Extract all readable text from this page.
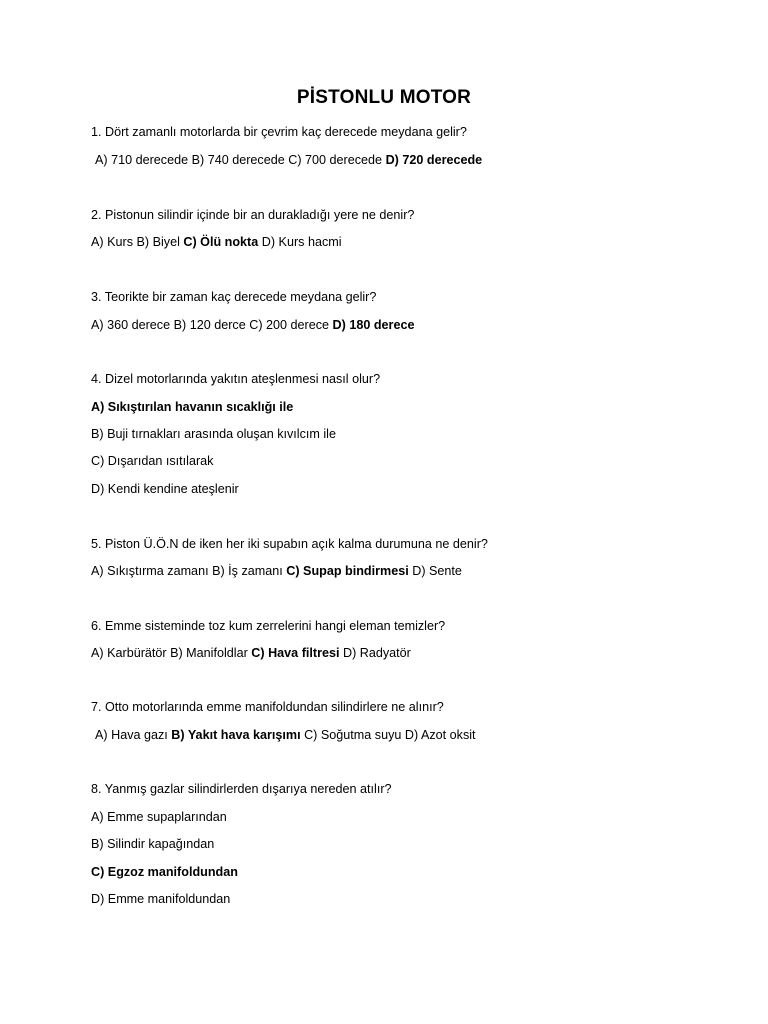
PİSTONLU MOTOR
1. Dört zamanlı motorlarda bir çevrim kaç derecede meydana gelir?
A) 710 derecede B) 740 derecede C) 700 derecede D) 720 derecede
2. Pistonun silindir içinde bir an durakladığı yere ne denir?
A) Kurs B) Biyel C) Ölü nokta D) Kurs hacmi
3. Teorikte bir zaman kaç derecede meydana gelir?
A) 360 derece B) 120 derce C) 200 derece D) 180 derece
4. Dizel motorlarında yakıtın ateşlenmesi nasıl olur?
A) Sıkıştırılan havanın sıcaklığı ile
B) Buji tırnakları arasında oluşan kıvılcım ile
C) Dışarıdan ısıtılarak
D) Kendi kendine ateşlenir
5. Piston Ü.Ö.N de iken her iki supabın açık kalma durumuna ne denir?
A) Sıkıştırma zamanı B) İş zamanı C) Supap bindirmesi D) Sente
6. Emme sisteminde toz kum zerrelerini hangi eleman temizler?
A) Karbürätör B) Manifoldlar C) Hava filtresi D) Radyatör
7. Otto motorlarında emme manifoldundan silindirlere ne alınır?
A) Hava gazı B) Yakıt hava karışımı C) Soğutma suyu D) Azot oksit
8. Yanmış gazlar silindirlerden dışarıya nereden atılır?
A) Emme supaplarından
B) Silindir kapağından
C) Egzoz manifoldundan
D) Emme manifoldundan
